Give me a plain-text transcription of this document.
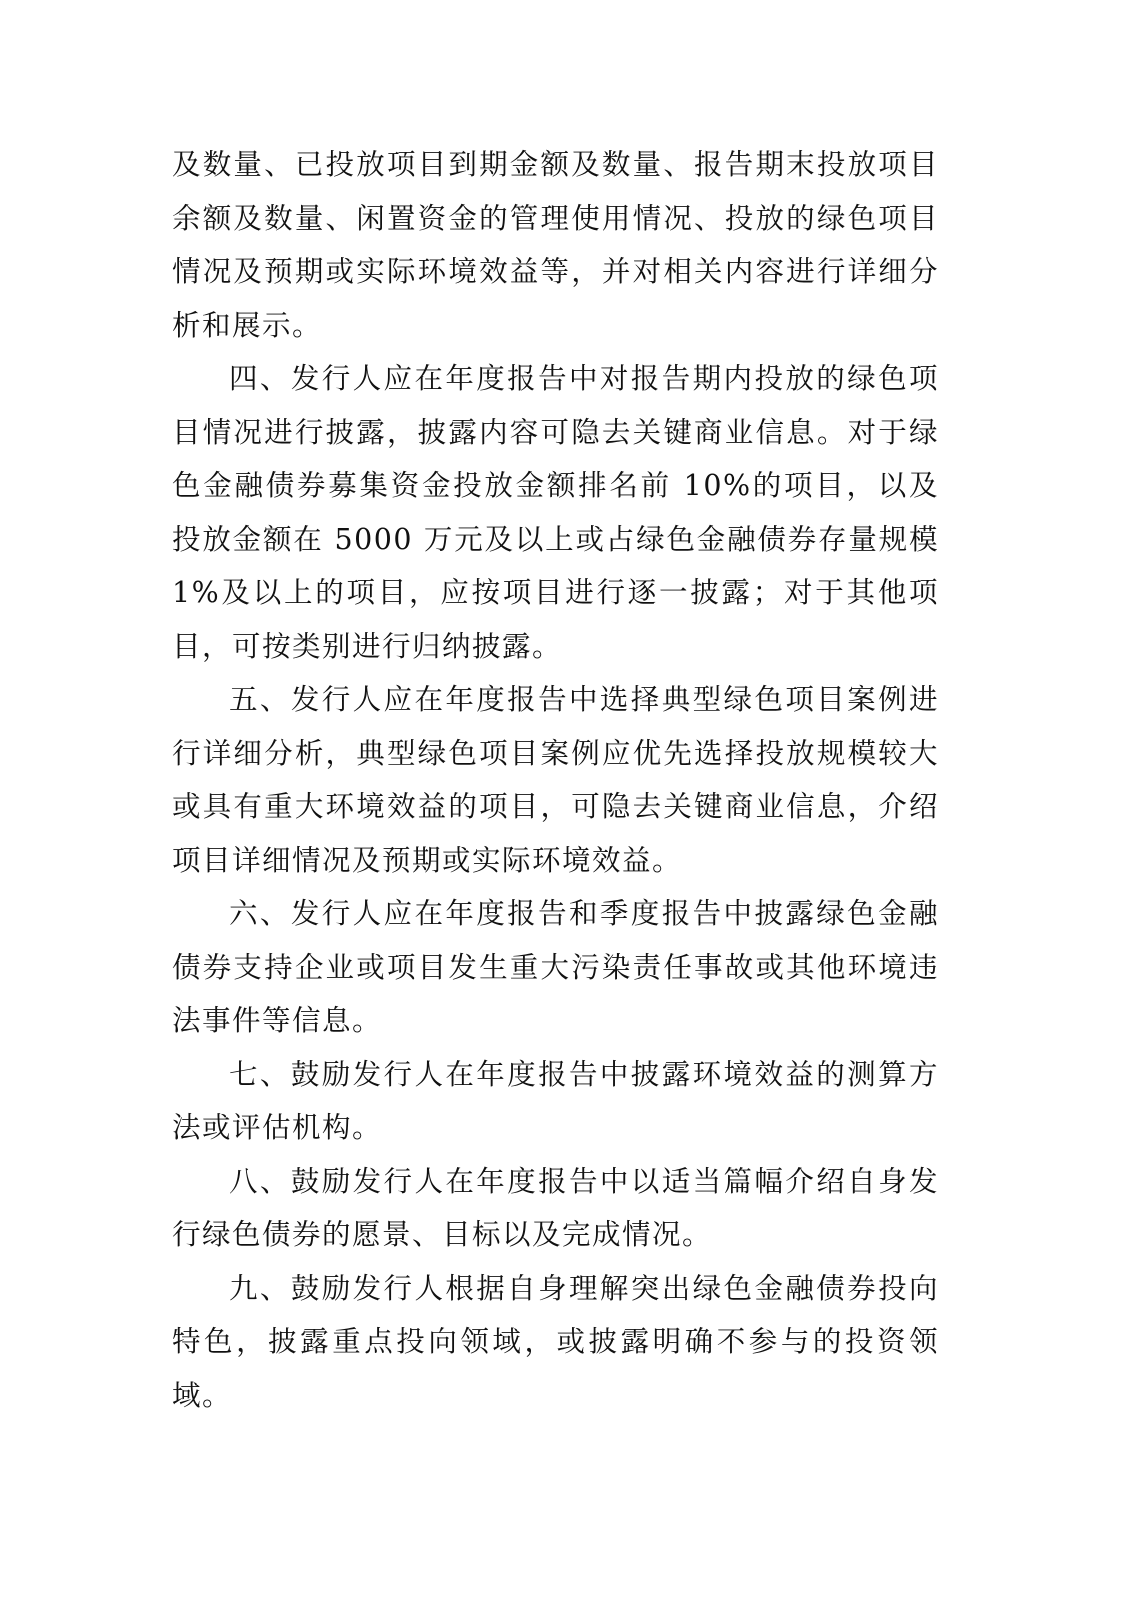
及数量、已投放项目到期金额及数量、报告期末投放项目余额及数量、闲置资金的管理使用情况、投放的绿色项目情况及预期或实际环境效益等，并对相关内容进行详细分析和展示。

四、发行人应在年度报告中对报告期内投放的绿色项目情况进行披露，披露内容可隐去关键商业信息。对于绿色金融债券募集资金投放金额排名前 10%的项目，以及投放金额在 5000 万元及以上或占绿色金融债券存量规模 1%及以上的项目，应按项目进行逐一披露；对于其他项目，可按类别进行归纳披露。

五、发行人应在年度报告中选择典型绿色项目案例进行详细分析，典型绿色项目案例应优先选择投放规模较大或具有重大环境效益的项目，可隐去关键商业信息，介绍项目详细情况及预期或实际环境效益。

六、发行人应在年度报告和季度报告中披露绿色金融债券支持企业或项目发生重大污染责任事故或其他环境违法事件等信息。

七、鼓励发行人在年度报告中披露环境效益的测算方法或评估机构。

八、鼓励发行人在年度报告中以适当篇幅介绍自身发行绿色债券的愿景、目标以及完成情况。

九、鼓励发行人根据自身理解突出绿色金融债券投向特色，披露重点投向领域，或披露明确不参与的投资领域。
